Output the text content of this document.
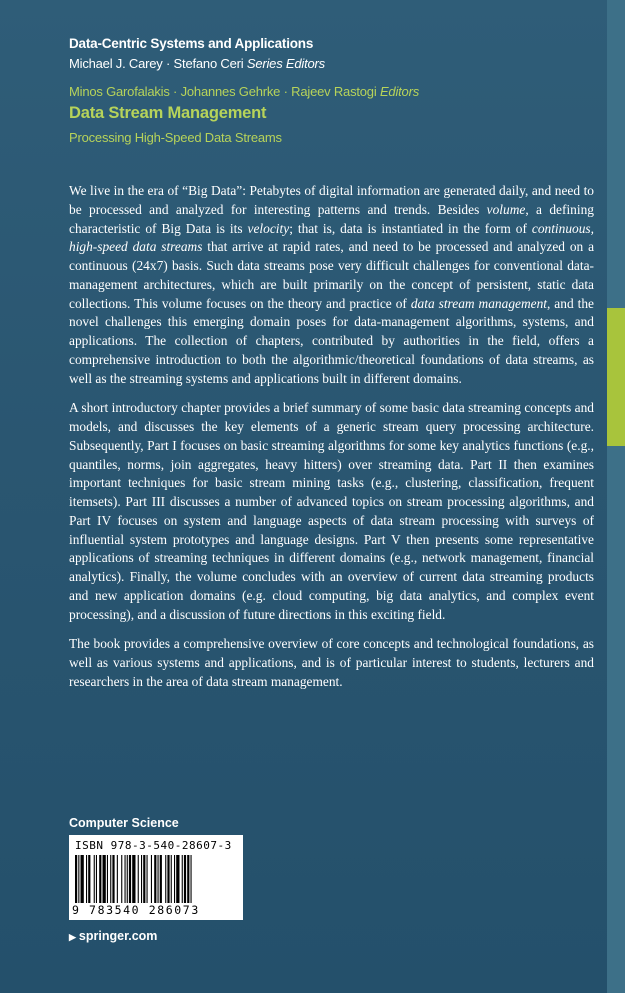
Data-Centric Systems and Applications
Michael J. Carey · Stefano Ceri Series Editors
Minos Garofalakis · Johannes Gehrke · Rajeev Rastogi Editors
Data Stream Management
Processing High-Speed Data Streams

We live in the era of “Big Data”: Petabytes of digital information are generated daily, and need to be processed and analyzed for interesting patterns and trends. Besides volume, a defining characteristic of Big Data is its velocity; that is, data is instantiated in the form of continuous, high-speed data streams that arrive at rapid rates, and need to be processed and analyzed on a continuous (24x7) basis. Such data streams pose very difficult challenges for conventional data-management architectures, which are built primarily on the concept of persistent, static data collections. This volume focuses on the theory and practice of data stream management, and the novel challenges this emerging domain poses for data-management algorithms, systems, and applications. The collection of chapters, contributed by authorities in the field, offers a comprehensive introduction to both the algorithmic/theoretical foundations of data streams, as well as the streaming systems and applications built in different domains.

A short introductory chapter provides a brief summary of some basic data streaming concepts and models, and discusses the key elements of a generic stream query processing architecture. Subsequently, Part I focuses on basic streaming algorithms for some key analytics functions (e.g., quantiles, norms, join aggregates, heavy hitters) over streaming data. Part II then examines important techniques for basic stream mining tasks (e.g., clustering, classification, frequent itemsets). Part III discusses a number of advanced topics on stream processing algorithms, and Part IV focuses on system and language aspects of data stream processing with surveys of influential system prototypes and language designs. Part V then presents some representative applications of streaming techniques in different domains (e.g., network management, financial analytics). Finally, the volume concludes with an overview of current data streaming products and new application domains (e.g. cloud computing, big data analytics, and complex event processing), and a discussion of future directions in this exciting field.

The book provides a comprehensive overview of core concepts and technological foundations, as well as various systems and applications, and is of particular interest to students, lecturers and researchers in the area of data stream management.

Computer Science
ISBN 978-3-540-28607-3
9 783540 286073
▶ springer.com
